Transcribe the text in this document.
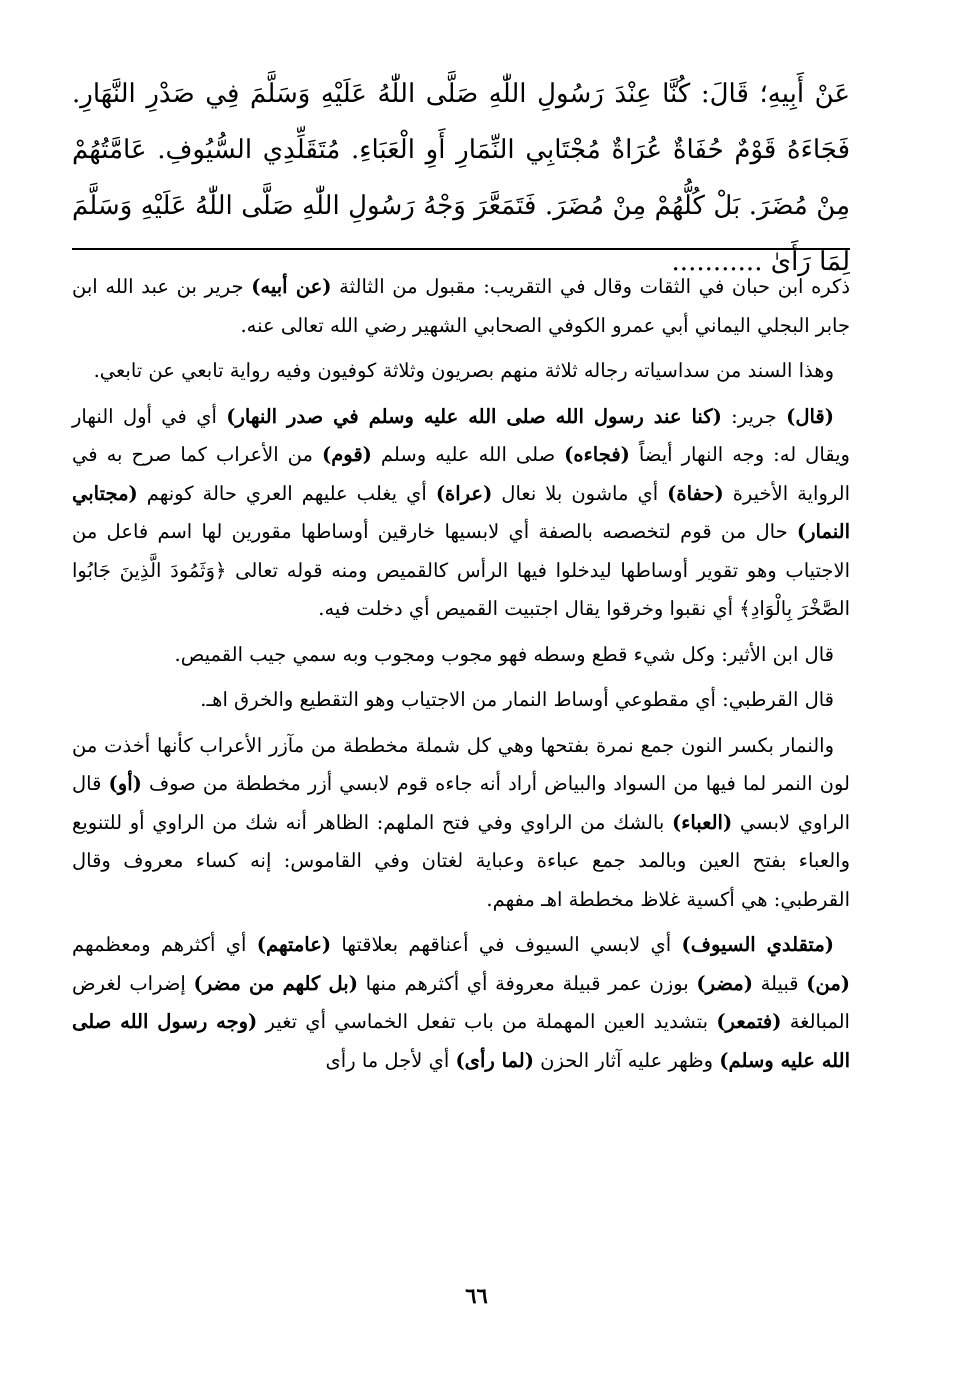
عَنْ أَبِيهِ؛ قَالَ: كُنَّا عِنْدَ رَسُولِ اللّٰهِ صَلَّى اللّٰهُ عَلَيْهِ وَسَلَّمَ فِي صَدْرِ النَّهَارِ. فَجَاءَهُ قَوْمٌ حُفَاةٌ عُرَاةٌ مُجْتَابِي النِّمَارِ أَوِ الْعَبَاءِ. مُتَقَلِّدِي السُّيُوفِ. عَامَّتُهُمْ مِنْ مُضَرَ. بَلْ كُلُّهُمْ مِنْ مُضَرَ. فَتَمَعَّرَ وَجْهُ رَسُولِ اللّٰهِ صَلَّى اللّٰهُ عَلَيْهِ وَسَلَّمَ لِمَا رَأَىٰ ...........

ذكره ابن حبان في الثقات وقال في التقريب: مقبول من الثالثة (عن أبيه) جرير بن عبد الله ابن جابر البجلي اليماني أبي عمرو الكوفي الصحابي الشهير رضي الله تعالى عنه.

وهذا السند من سداسياته رجاله ثلاثة منهم بصريون وثلاثة كوفيون وفيه رواية تابعي عن تابعي.

(قال) جرير: (كنا عند رسول الله صلى الله عليه وسلم في صدر النهار) أي في أول النهار ويقال له: وجه النهار أيضاً (فجاءه) صلى الله عليه وسلم (قوم) من الأعراب كما صرح به في الرواية الأخيرة (حفاة) أي ماشون بلا نعال (عراة) أي يغلب عليهم العري حالة كونهم (مجتابي النمار) حال من قوم لتخصصه بالصفة أي لابسيها خارقين أوساطها مقورين لها اسم فاعل من الاجتياب وهو تقوير أوساطها ليدخلوا فيها الرأس كالقميص ومنه قوله تعالى ﴿وَثَمُودَ الَّذِينَ جَابُوا الصَّخْرَ بِالْوَادِ﴾ أي نقبوا وخرقوا يقال اجتبيت القميص أي دخلت فيه.

قال ابن الأثير: وكل شيء قطع وسطه فهو مجوب ومجوب وبه سمي جيب القميص.

قال القرطبي: أي مقطوعي أوساط النمار من الاجتياب وهو التقطيع والخرق اهـ.

والنمار بكسر النون جمع نمرة بفتحها وهي كل شملة مخططة من مآزر الأعراب كأنها أخذت من لون النمر لما فيها من السواد والبياض أراد أنه جاءه قوم لابسي أزر مخططة من صوف (أو) قال الراوي لابسي (العباء) بالشك من الراوي وفي فتح الملهم: الظاهر أنه شك من الراوي أو للتنويع والعباء بفتح العين وبالمد جمع عباءة وعباية لغتان وفي القاموس: إنه كساء معروف وقال القرطبي: هي أكسية غلاظ مخططة اهـ مفهم.

(متقلدي السيوف) أي لابسي السيوف في أعناقهم بعلاقتها (عامتهم) أي أكثرهم ومعظمهم (من) قبيلة (مضر) بوزن عمر قبيلة معروفة أي أكثرهم منها (بل كلهم من مضر) إضراب لغرض المبالغة (فتمعر) بتشديد العين المهملة من باب تفعل الخماسي أي تغير (وجه رسول الله صلى الله عليه وسلم) وظهر عليه آثار الحزن (لما رأى) أي لأجل ما رأى

٦٦
